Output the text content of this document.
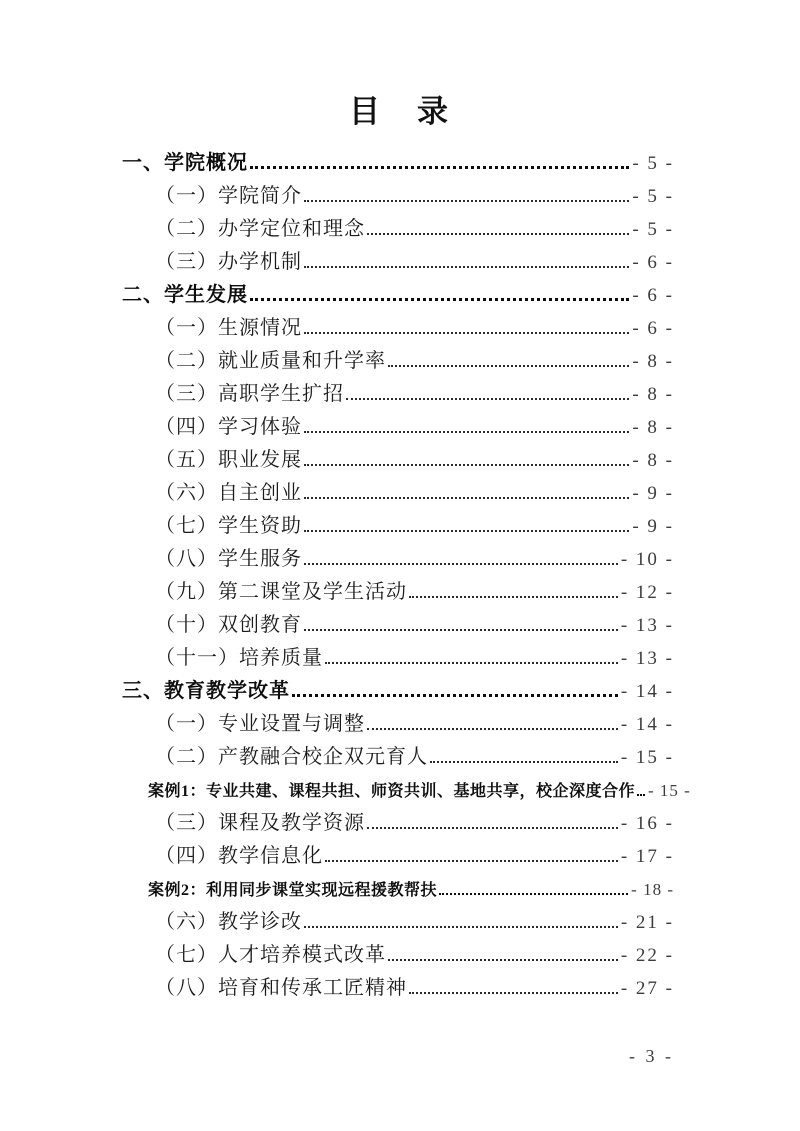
目　录
一、学院概况	- 5 -
（一）学院简介	- 5 -
（二）办学定位和理念	- 5 -
（三）办学机制	- 6 -
二、学生发展	- 6 -
（一）生源情况	- 6 -
（二）就业质量和升学率	- 8 -
（三）高职学生扩招	- 8 -
（四）学习体验	- 8 -
（五）职业发展	- 8 -
（六）自主创业	- 9 -
（七）学生资助	- 9 -
（八）学生服务	- 10 -
（九）第二课堂及学生活动	- 12 -
（十）双创教育	- 13 -
（十一）培养质量	- 13 -
三、教育教学改革	- 14 -
（一）专业设置与调整	- 14 -
（二）产教融合校企双元育人	- 15 -
案例1：专业共建、课程共担、师资共训、基地共享，校企深度合作 - 15 -
（三）课程及教学资源	- 16 -
（四）教学信息化	- 17 -
案例2：利用同步课堂实现远程援教帮扶	- 18 -
（六）教学诊改	- 21 -
（七）人才培养模式改革	- 22 -
（八）培育和传承工匠精神	- 27 -
- 3 -
